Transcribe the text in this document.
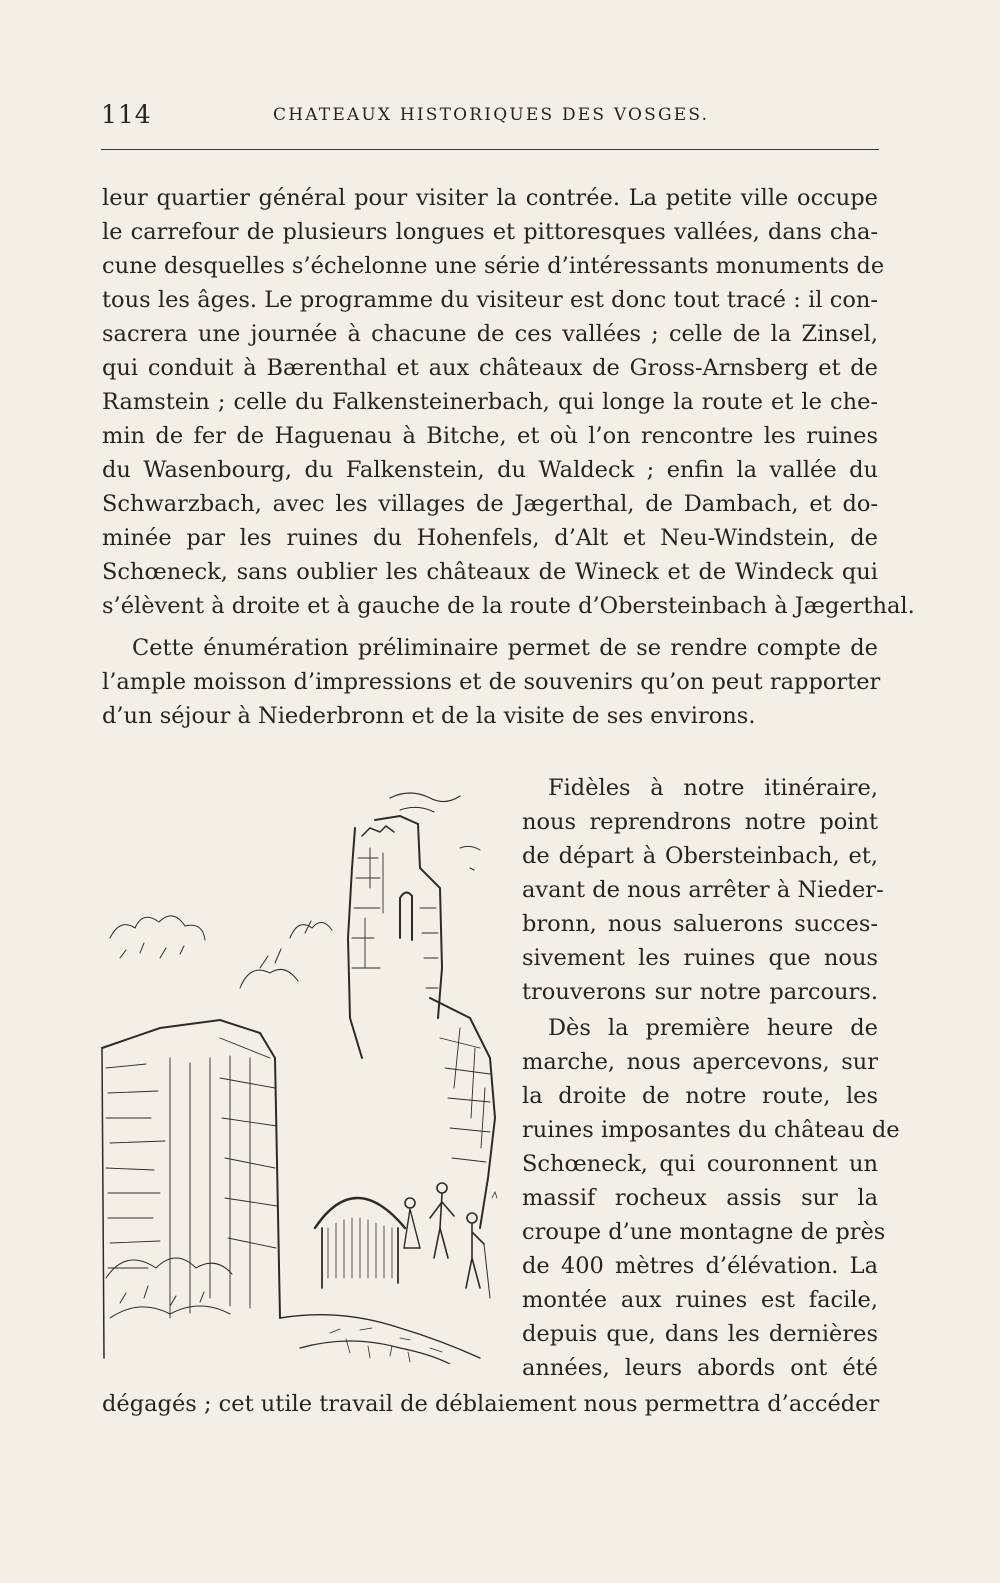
114	CHATEAUX HISTORIQUES DES VOSGES.
leur quartier général pour visiter la contrée. La petite ville occupe
le carrefour de plusieurs longues et pittoresques vallées, dans cha-
cune desquelles s’échelonne une série d’intéressants monuments de
tous les âges. Le programme du visiteur est donc tout tracé : il con-
sacrera une journée à chacune de ces vallées ; celle de la Zinsel,
qui conduit à Bærenthal et aux châteaux de Gross-Arnsberg et de
Ramstein ; celle du Falkensteinerbach, qui longe la route et le che-
min de fer de Haguenau à Bitche, et où l’on rencontre les ruines
du Wasenbourg, du Falkenstein, du Waldeck ; enfin la vallée du
Schwarzbach, avec les villages de Jægerthal, de Dambach, et do-
minée par les ruines du Hohenfels, d’Alt et Neu-Windstein, de
Schœneck, sans oublier les châteaux de Wineck et de Windeck qui
s’élèvent à droite et à gauche de la route d’Obersteinbach à Jægerthal.
Cette énumération préliminaire permet de se rendre compte de
l’ample moisson d’impressions et de souvenirs qu’on peut rapporter
d’un séjour à Niederbronn et de la visite de ses environs.
Fidèles à notre itinéraire,
nous reprendrons notre point
de départ à Obersteinbach, et,
avant de nous arrêter à Nieder-
bronn, nous saluerons succes-
sivement les ruines que nous
trouverons sur notre parcours.
Dès la première heure de
marche, nous apercevons, sur
la droite de notre route, les
ruines imposantes du château de
Schœneck, qui couronnent un
massif rocheux assis sur la
croupe d’une montagne de près
de 400 mètres d’élévation. La
montée aux ruines est facile,
depuis que, dans les dernières
années, leurs abords ont été
dégagés ; cet utile travail de déblaiement nous permettra d’accéder
